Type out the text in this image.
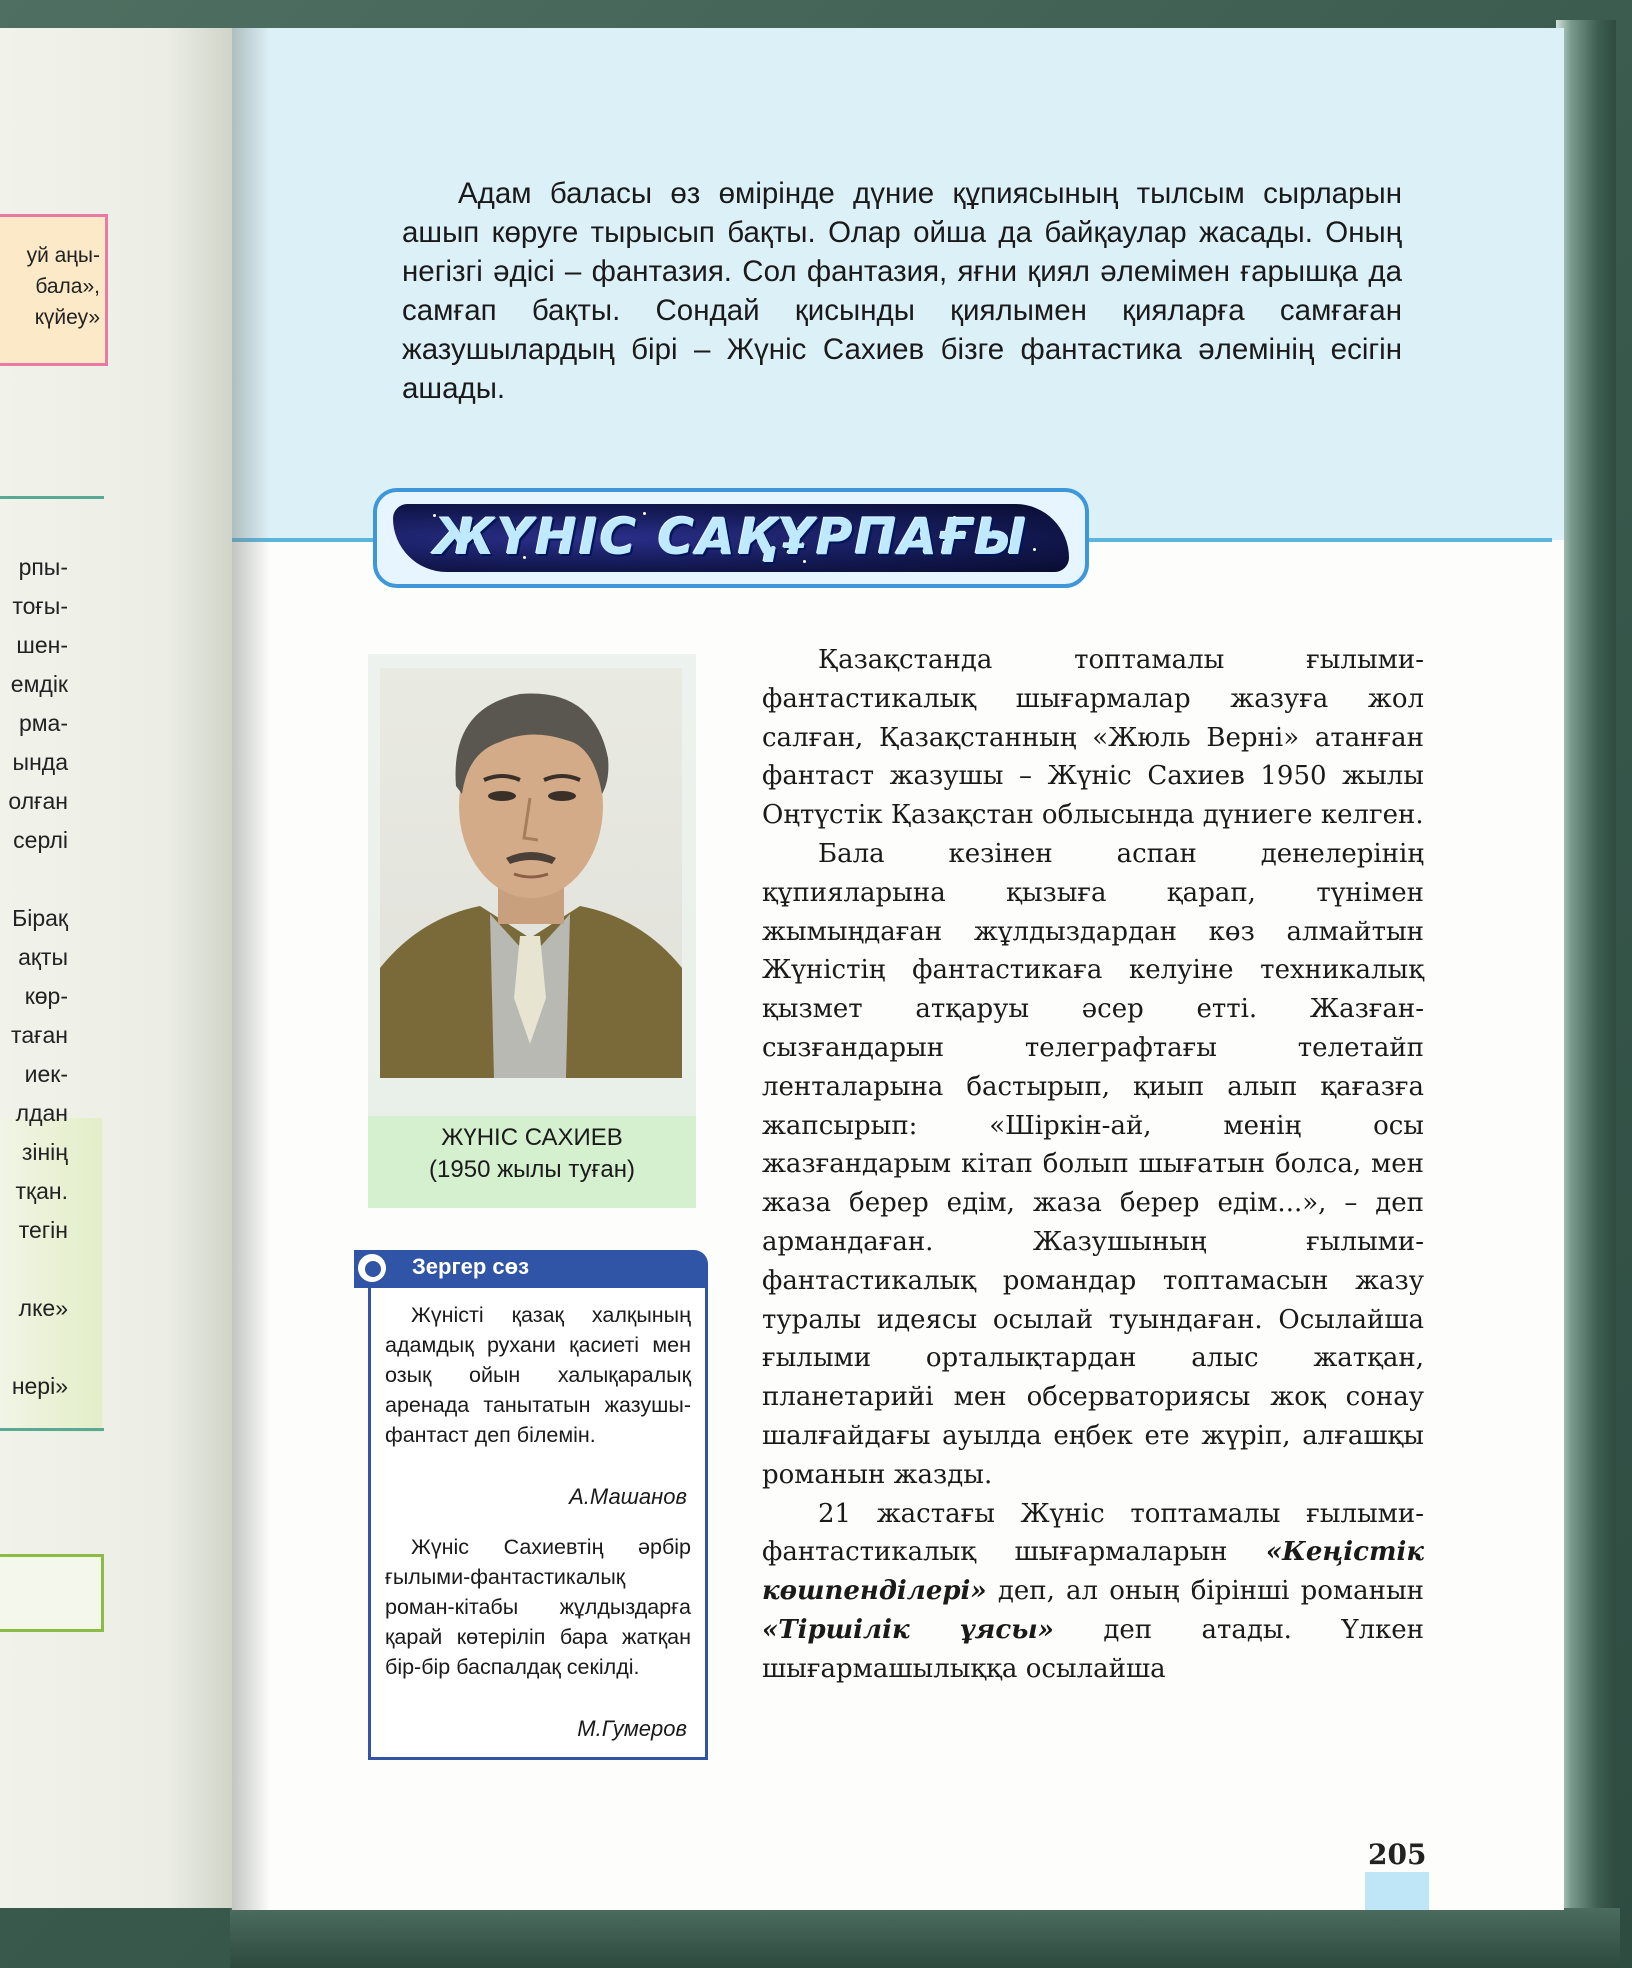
уй аңы-
бала»,
күйеу»
рпы-
тоғы-
шен-
емдік
рма-
ында
олған
серлі

Бірақ
ақты
көр-
таған
иек-
лдан
зінің
тқан.
тегін

лке»

нері»

Адам баласы өз өмірінде дүние құпиясының тылсым сырларын ашып көруге тырысып бақты. Олар ойша да байқаулар жасады. Оның негізгі әдісі – фантазия. Сол фантазия, яғни қиял әлемімен ғарышқа да самғап бақты. Сондай қисынды қиялымен қияларға самғаған жазушылардың бірі – Жүніс Сахиев бізге фантастика әлемінің есігін ашады.

ЖҮНІС САҚҰРПАҒЫ
ЖҮНІС САХИЕВ
(1950 жылы туған)
Зергер сөз

Жүністі қазақ халқының адамдық рухани қасиеті мен озық ойын халықаралық аренада танытатын жазушы-фантаст деп білемін.

А.Машанов

Жүніс Сахиевтің әрбір ғылыми-фантастикалық роман-кітабы жұлдыздарға қарай көтеріліп бара жатқан бір-бір баспалдақ секілді.

М.Гумеров

Қазақстанда топтамалы ғылыми-фантастикалық шығармалар жазуға жол салған, Қазақстанның «Жюль Верні» атанған фантаст жазушы – Жүніс Сахиев 1950 жылы Оңтүстік Қазақстан облысында дүниеге келген.

Бала кезінен аспан денелерінің құпияларына қызыға қарап, түнімен жымыңдаған жұлдыздардан көз алмайтын Жүністің фантастикаға келуіне техникалық қызмет атқаруы әсер етті. Жазған-сызғандарын телеграфтағы телетайп ленталарына бастырып, қиып алып қағазға жапсырып: «Шіркін-ай, менің осы жазғандарым кітап болып шығатын болса, мен жаза берер едім, жаза берер едім...», – деп армандаған. Жазушының ғылыми-фантастикалық романдар топтамасын жазу туралы идеясы осылай туындаған. Осылайша ғылыми орталықтардан алыс жатқан, планетарийі мен обсерваториясы жоқ сонау шалғайдағы ауылда еңбек ете жүріп, алғашқы романын жазды.

21 жастағы Жүніс топтамалы ғылыми-фантастикалық шығармаларын «Кеңістік көшпенділері» деп, ал оның бірінші романын «Тіршілік ұясы» деп атады. Үлкен шығармашылыққа осылайша

205
